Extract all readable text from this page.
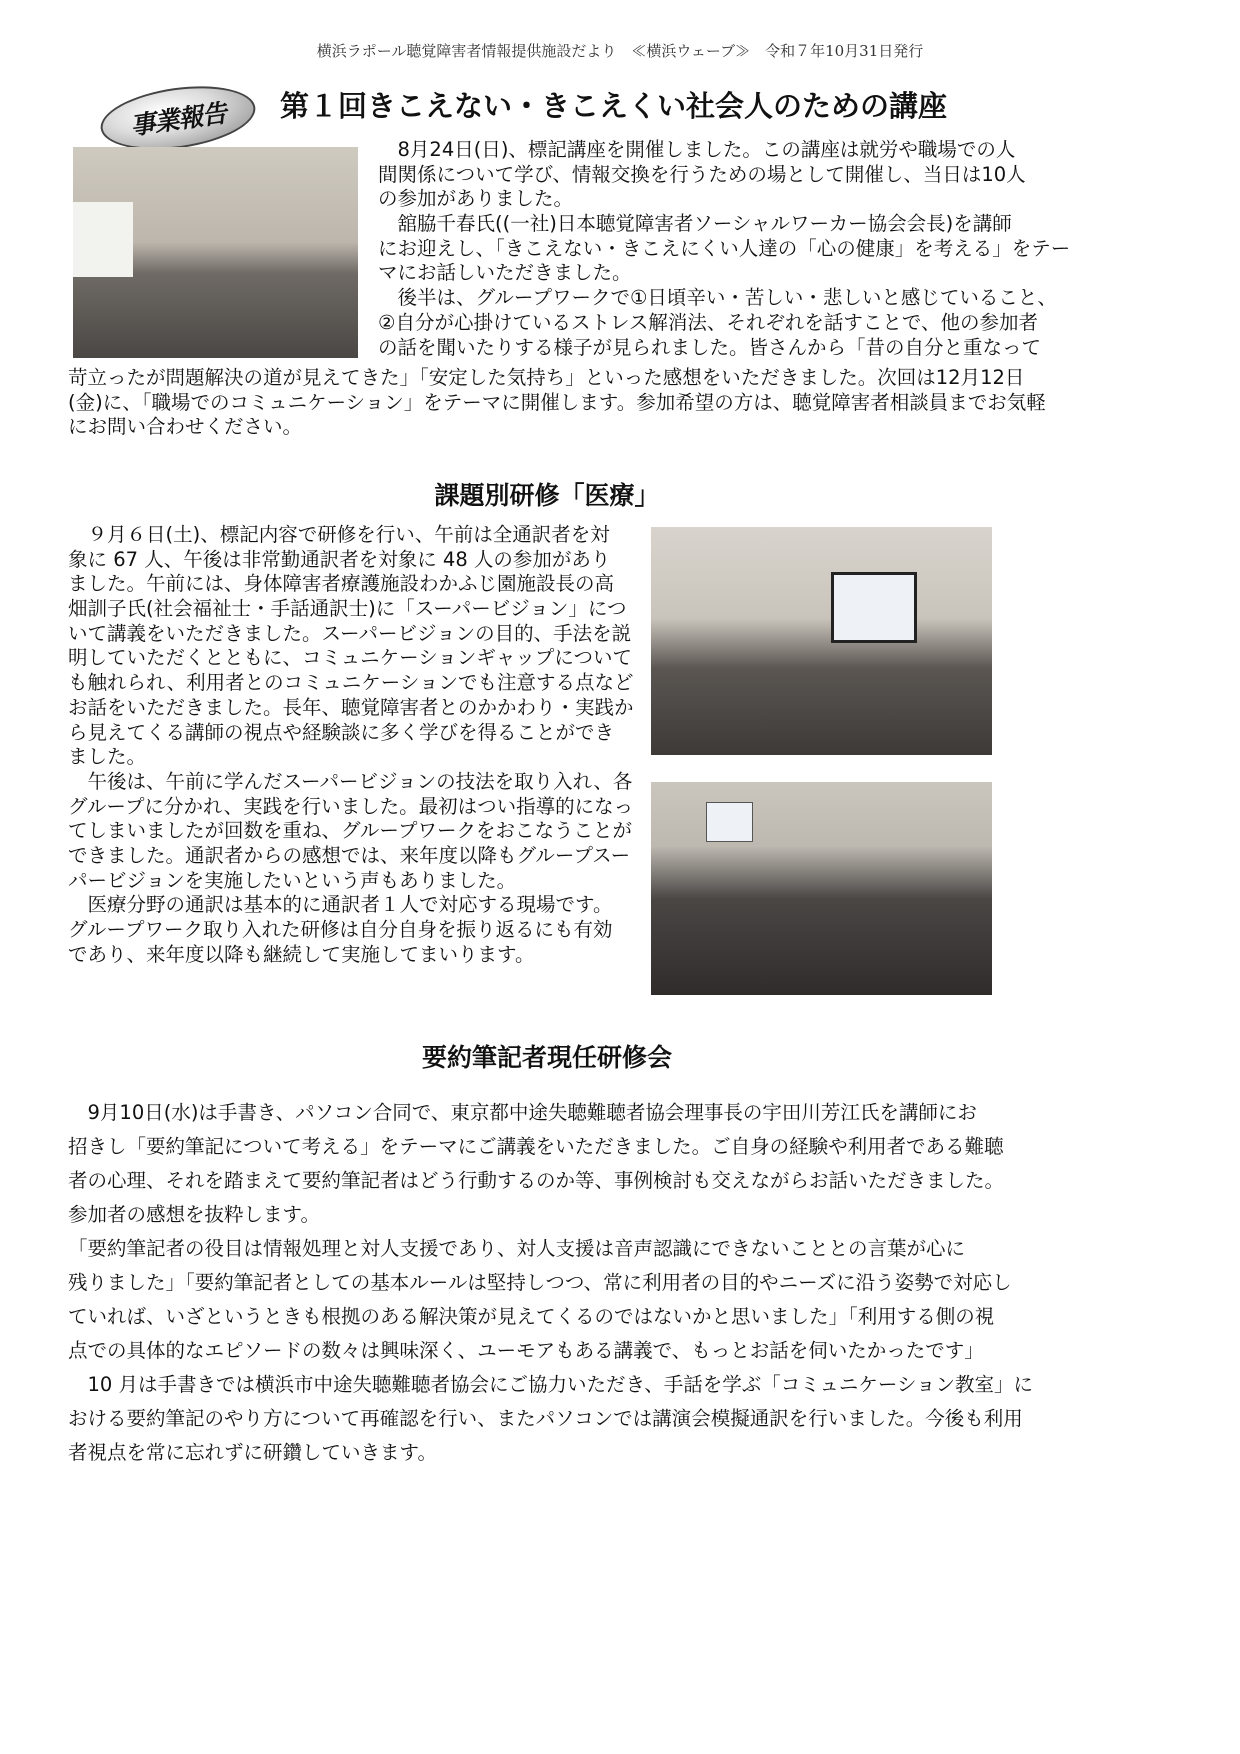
横浜ラポール聴覚障害者情報提供施設だより　≪横浜ウェーブ≫　令和７年10月31日発行
事業報告	第１回きこえない・きこえくい社会人のための講座
　8月24日(日)、標記講座を開催しました。この講座は就労や職場での人
間関係について学び、情報交換を行うための場として開催し、当日は10人
の参加がありました。
　舘脇千春氏((一社)日本聴覚障害者ソーシャルワーカー協会会長)を講師
にお迎えし、「きこえない・きこえにくい人達の「心の健康」を考える」をテー
マにお話しいただきました。
　後半は、グループワークで①日頃辛い・苦しい・悲しいと感じていること、
②自分が心掛けているストレス解消法、それぞれを話すことで、他の参加者
の話を聞いたりする様子が見られました。皆さんから「昔の自分と重なって
苛立ったが問題解決の道が見えてきた」「安定した気持ち」といった感想をいただきました。次回は12月12日
(金)に、「職場でのコミュニケーション」をテーマに開催します。参加希望の方は、聴覚障害者相談員までお気軽
にお問い合わせください。
課題別研修「医療」
　９月６日(土)、標記内容で研修を行い、午前は全通訳者を対
象に 67 人、午後は非常勤通訳者を対象に 48 人の参加があり
ました。午前には、身体障害者療護施設わかふじ園施設長の高
畑訓子氏(社会福祉士・手話通訳士)に「スーパービジョン」につ
いて講義をいただきました。スーパービジョンの目的、手法を説
明していただくとともに、コミュニケーションギャップについて
も触れられ、利用者とのコミュニケーションでも注意する点など
お話をいただきました。長年、聴覚障害者とのかかわり・実践か
ら見えてくる講師の視点や経験談に多く学びを得ることができ
ました。
　午後は、午前に学んだスーパービジョンの技法を取り入れ、各
グループに分かれ、実践を行いました。最初はつい指導的になっ
てしまいましたが回数を重ね、グループワークをおこなうことが
できました。通訳者からの感想では、来年度以降もグループスー
パービジョンを実施したいという声もありました。
　医療分野の通訳は基本的に通訳者１人で対応する現場です。
グループワーク取り入れた研修は自分自身を振り返るにも有効
であり、来年度以降も継続して実施してまいります。
要約筆記者現任研修会
　9月10日(水)は手書き、パソコン合同で、東京都中途失聴難聴者協会理事長の宇田川芳江氏を講師にお
招きし「要約筆記について考える」をテーマにご講義をいただきました。ご自身の経験や利用者である難聴
者の心理、それを踏まえて要約筆記者はどう行動するのか等、事例検討も交えながらお話いただきました。
参加者の感想を抜粋します。
「要約筆記者の役目は情報処理と対人支援であり、対人支援は音声認識にできないこととの言葉が心に
残りました」「要約筆記者としての基本ルールは堅持しつつ、常に利用者の目的やニーズに沿う姿勢で対応し
ていれば、いざというときも根拠のある解決策が見えてくるのではないかと思いました」「利用する側の視
点での具体的なエピソードの数々は興味深く、ユーモアもある講義で、もっとお話を伺いたかったです」
　10 月は手書きでは横浜市中途失聴難聴者協会にご協力いただき、手話を学ぶ「コミュニケーション教室」に
おける要約筆記のやり方について再確認を行い、またパソコンでは講演会模擬通訳を行いました。今後も利用
者視点を常に忘れずに研鑽していきます。
